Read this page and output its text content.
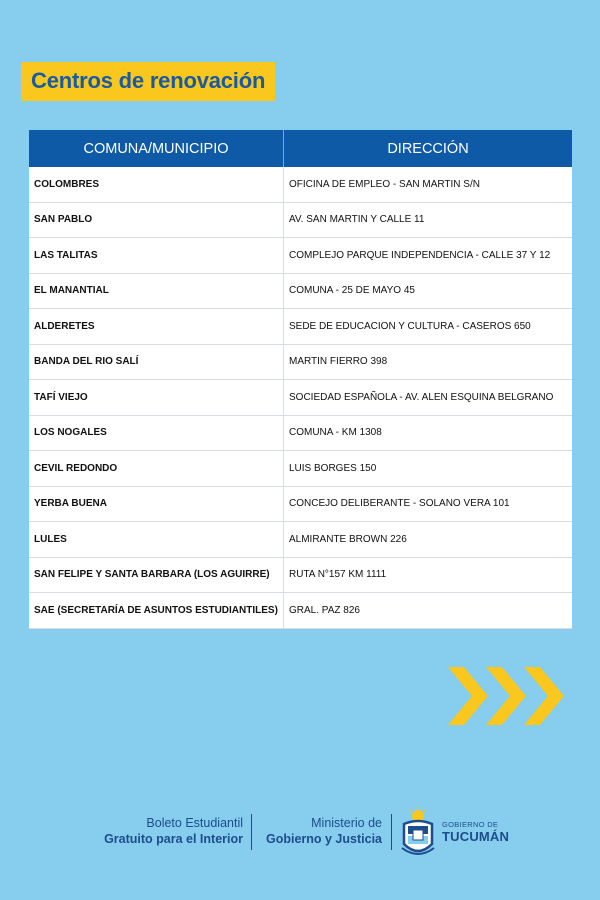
Centros de renovación
COMUNA/MUNICIPIO	DIRECCIÓN
COLOMBRES	OFICINA DE EMPLEO - SAN MARTIN S/N
SAN PABLO	AV. SAN MARTIN Y CALLE 11
LAS TALITAS	COMPLEJO PARQUE INDEPENDENCIA - CALLE 37 Y 12
EL MANANTIAL	COMUNA - 25 DE MAYO 45
ALDERETES	SEDE DE EDUCACION Y CULTURA - CASEROS 650
BANDA DEL RIO SALÍ	MARTIN FIERRO 398
TAFÍ VIEJO	SOCIEDAD ESPAÑOLA - AV. ALEN ESQUINA BELGRANO
LOS NOGALES	COMUNA - KM 1308
CEVIL REDONDO	LUIS BORGES 150
YERBA BUENA	CONCEJO DELIBERANTE - SOLANO VERA 101
LULES	ALMIRANTE BROWN 226
SAN FELIPE Y SANTA BARBARA (LOS AGUIRRE)	RUTA N°157 KM 1111
SAE (SECRETARÍA DE ASUNTOS ESTUDIANTILES)	GRAL. PAZ 826
Boleto Estudiantil
Gratuito para el Interior
Ministerio de
Gobierno y Justicia
GOBIERNO DE
TUCUMÁN
